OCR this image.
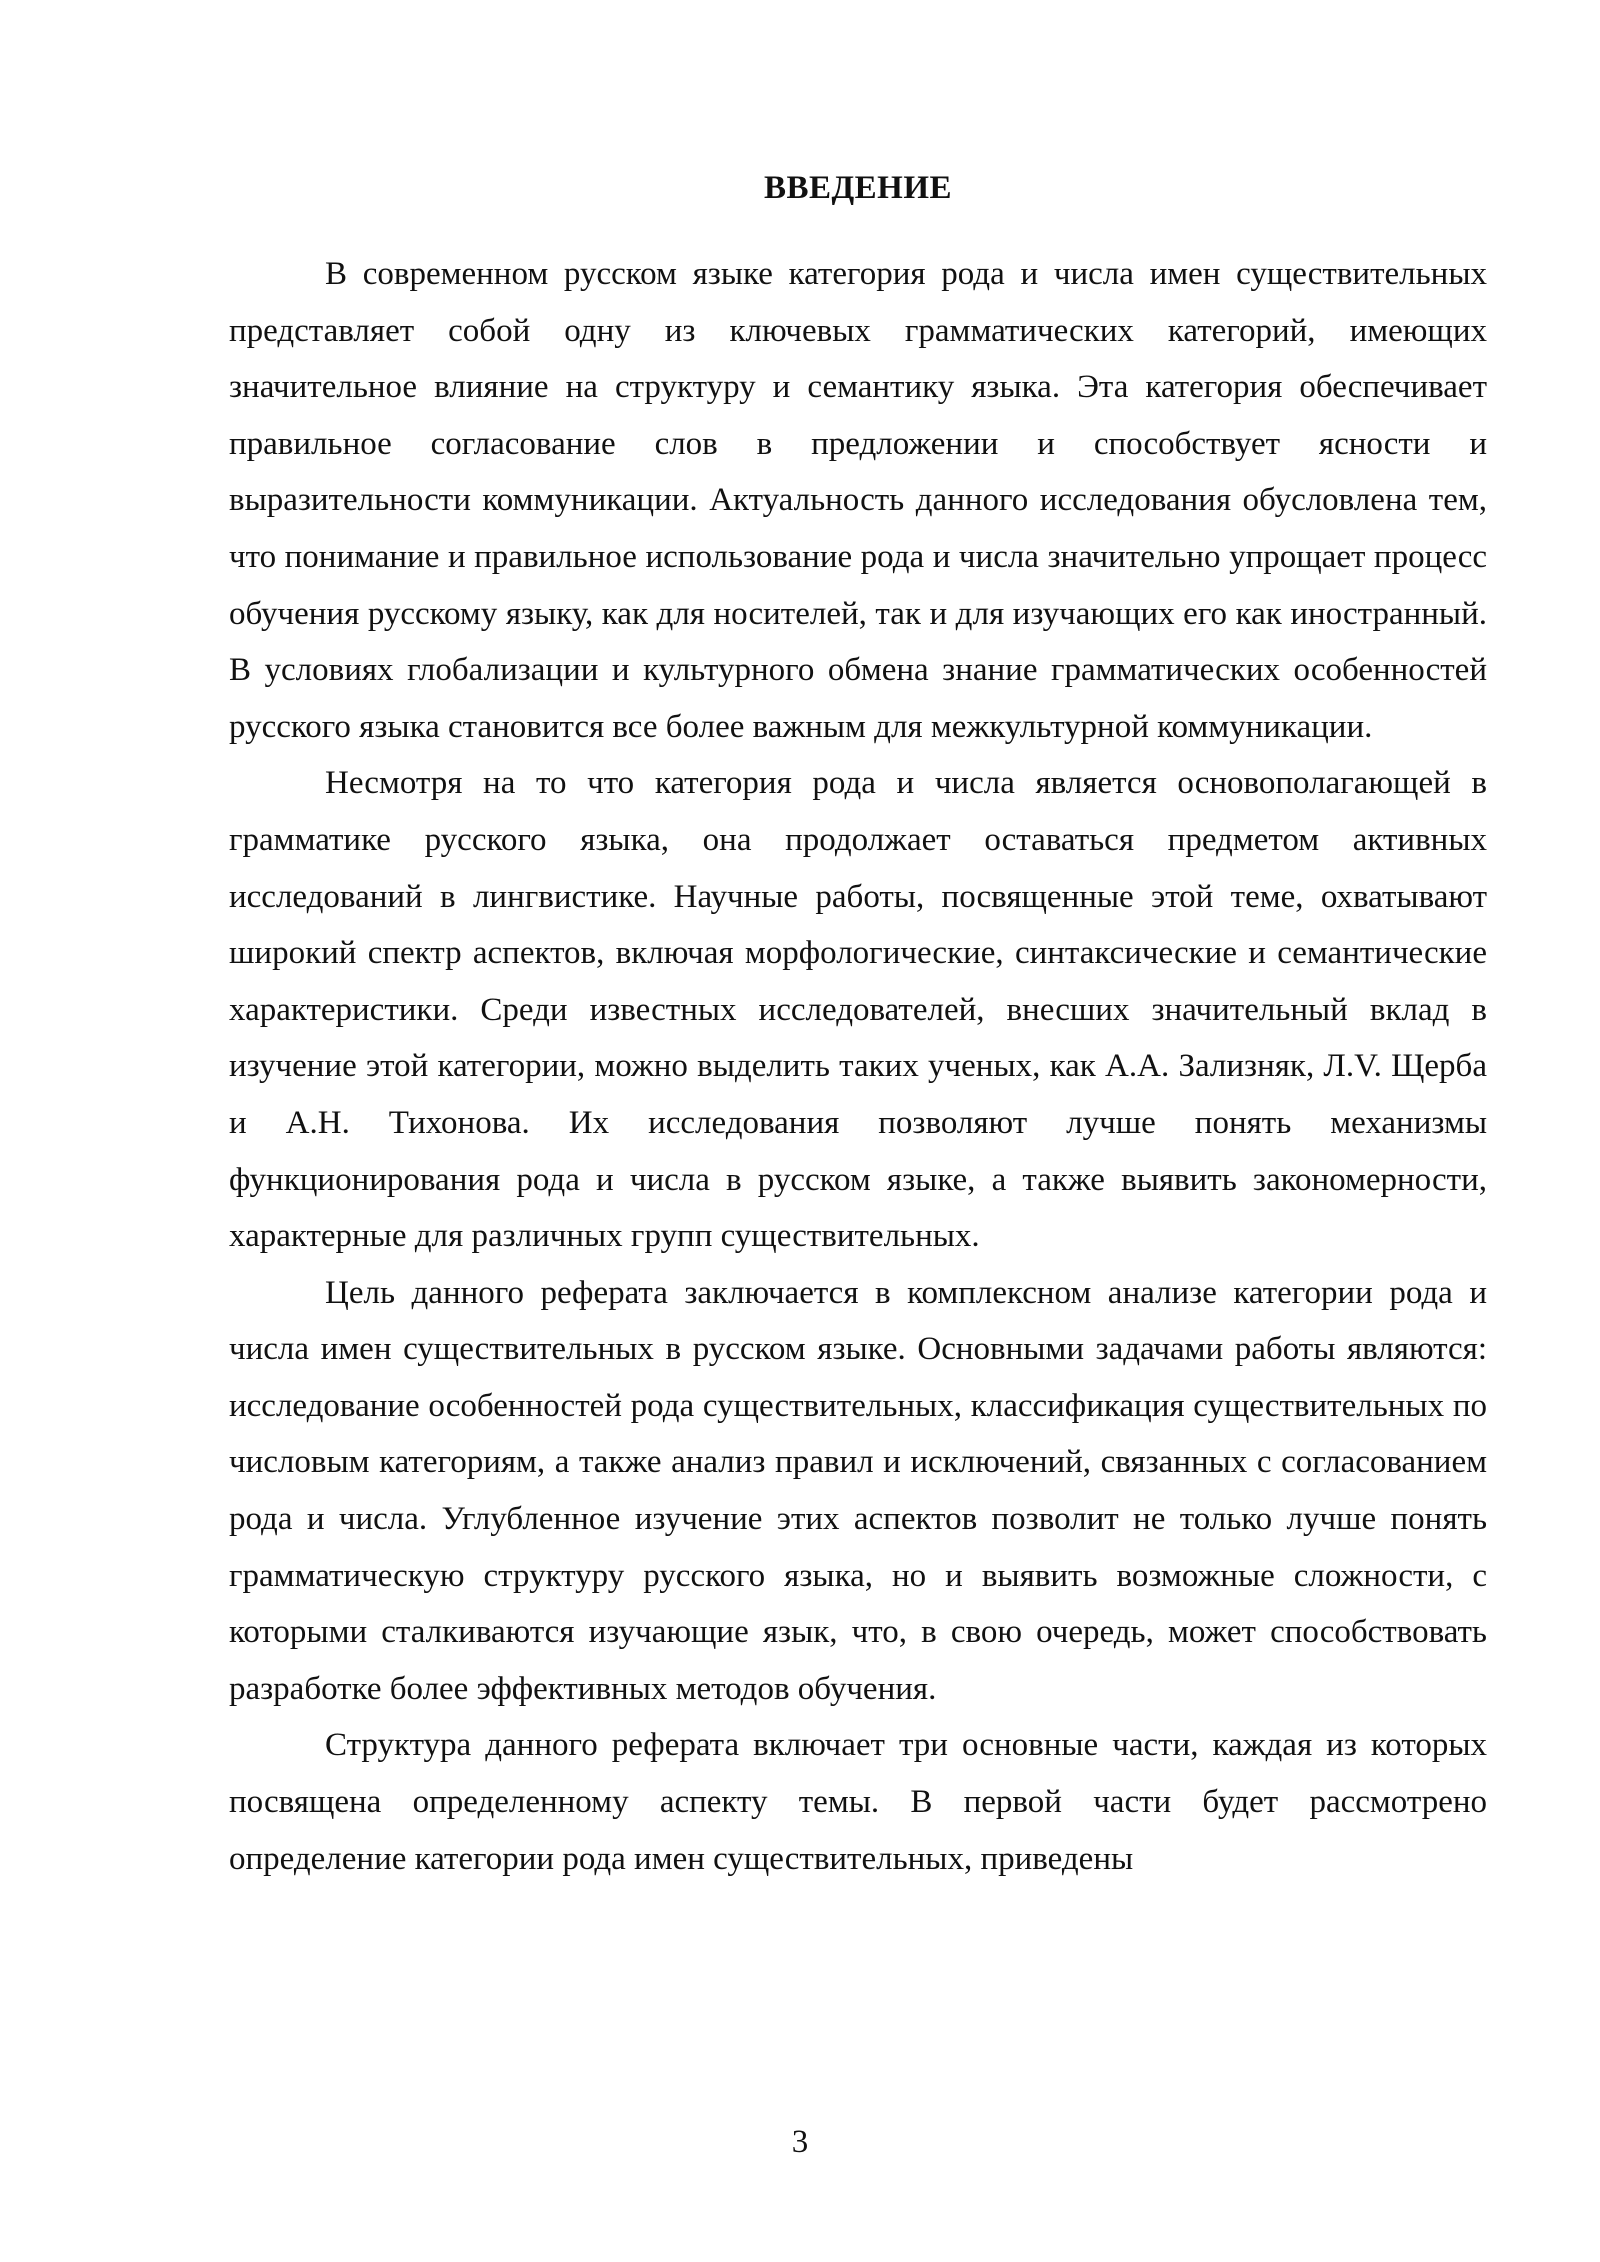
ВВЕДЕНИЕ

В современном русском языке категория рода и числа имен существительных представляет собой одну из ключевых грамматических категорий, имеющих значительное влияние на структуру и семантику языка. Эта категория обеспечивает правильное согласование слов в предложении и способствует ясности и выразительности коммуникации. Актуальность данного исследования обусловлена тем, что понимание и правильное использование рода и числа значительно упрощает процесс обучения русскому языку, как для носителей, так и для изучающих его как иностранный. В условиях глобализации и культурного обмена знание грамматических особенностей русского языка становится все более важным для межкультурной коммуникации.

Несмотря на то что категория рода и числа является основополагающей в грамматике русского языка, она продолжает оставаться предметом активных исследований в лингвистике. Научные работы, посвященные этой теме, охватывают широкий спектр аспектов, включая морфологические, синтаксические и семантические характеристики. Среди известных исследователей, внесших значительный вклад в изучение этой категории, можно выделить таких ученых, как А.А. Зализняк, Л.V. Щерба и А.Н. Тихонова. Их исследования позволяют лучше понять механизмы функционирования рода и числа в русском языке, а также выявить закономерности, характерные для различных групп существительных.

Цель данного реферата заключается в комплексном анализе категории рода и числа имен существительных в русском языке. Основными задачами работы являются: исследование особенностей рода существительных, классификация существительных по числовым категориям, а также анализ правил и исключений, связанных с согласованием рода и числа. Углубленное изучение этих аспектов позволит не только лучше понять грамматическую структуру русского языка, но и выявить возможные сложности, с которыми сталкиваются изучающие язык, что, в свою очередь, может способствовать разработке более эффективных методов обучения.

Структура данного реферата включает три основные части, каждая из которых посвящена определенному аспекту темы. В первой части будет рассмотрено определение категории рода имен существительных, приведены

3
